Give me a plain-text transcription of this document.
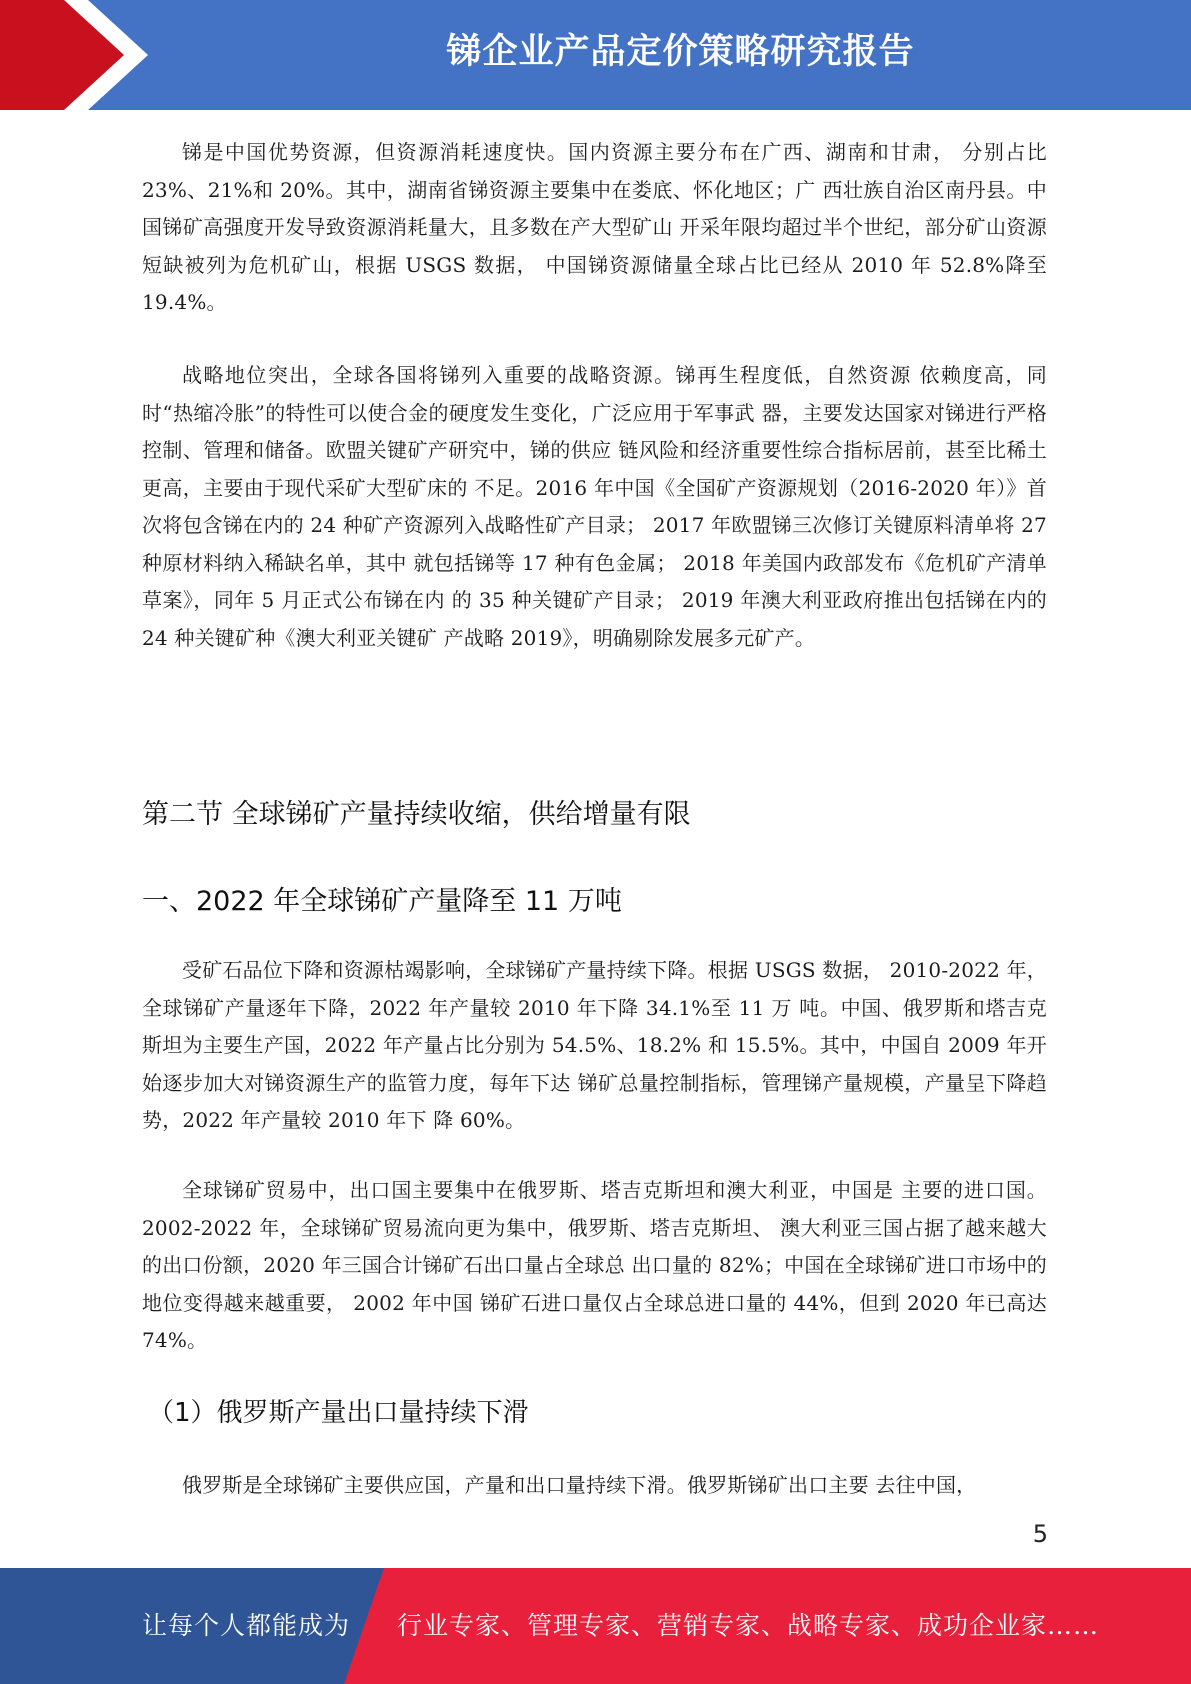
锑企业产品定价策略研究报告

锑是中国优势资源，但资源消耗速度快。国内资源主要分布在广西、湖南和甘肃， 分别占比 23%、21%和 20%。其中，湖南省锑资源主要集中在娄底、怀化地区；广 西壮族自治区南丹县。中国锑矿高强度开发导致资源消耗量大，且多数在产大型矿山 开采年限均超过半个世纪，部分矿山资源短缺被列为危机矿山，根据 USGS 数据， 中国锑资源储量全球占比已经从 2010 年 52.8%降至 19.4%。

战略地位突出，全球各国将锑列入重要的战略资源。锑再生程度低，自然资源 依赖度高，同时“热缩冷胀”的特性可以使合金的硬度发生变化，广泛应用于军事武 器，主要发达国家对锑进行严格控制、管理和储备。欧盟关键矿产研究中，锑的供应 链风险和经济重要性综合指标居前，甚至比稀土更高，主要由于现代采矿大型矿床的 不足。2016 年中国《全国矿产资源规划（2016-2020 年）》首次将包含锑在内的 24 种矿产资源列入战略性矿产目录； 2017 年欧盟锑三次修订关键原料清单将 27 种原材料纳入稀缺名单，其中 就包括锑等 17 种有色金属； 2018 年美国内政部发布《危机矿产清单草案》，同年 5 月正式公布锑在内 的 35 种关键矿产目录； 2019 年澳大利亚政府推出包括锑在内的 24 种关键矿种《澳大利亚关键矿 产战略 2019》，明确剔除发展多元矿产。

第二节 全球锑矿产量持续收缩，供给增量有限
一、2022 年全球锑矿产量降至 11 万吨

受矿石品位下降和资源枯竭影响，全球锑矿产量持续下降。根据 USGS 数据， 2010-2022 年，全球锑矿产量逐年下降，2022 年产量较 2010 年下降 34.1%至 11 万 吨。中国、俄罗斯和塔吉克斯坦为主要生产国，2022 年产量占比分别为 54.5%、18.2% 和 15.5%。其中，中国自 2009 年开始逐步加大对锑资源生产的监管力度，每年下达 锑矿总量控制指标，管理锑产量规模，产量呈下降趋势，2022 年产量较 2010 年下 降 60%。

全球锑矿贸易中，出口国主要集中在俄罗斯、塔吉克斯坦和澳大利亚，中国是 主要的进口国。2002-2022 年，全球锑矿贸易流向更为集中，俄罗斯、塔吉克斯坦、 澳大利亚三国占据了越来越大的出口份额，2020 年三国合计锑矿石出口量占全球总 出口量的 82%；中国在全球锑矿进口市场中的地位变得越来越重要， 2002 年中国 锑矿石进口量仅占全球总进口量的 44%，但到 2020 年已高达 74%。

（1）俄罗斯产量出口量持续下滑

俄罗斯是全球锑矿主要供应国，产量和出口量持续下滑。俄罗斯锑矿出口主要 去往中国，

5
让每个人都能成为 行业专家、管理专家、营销专家、战略专家、成功企业家……
